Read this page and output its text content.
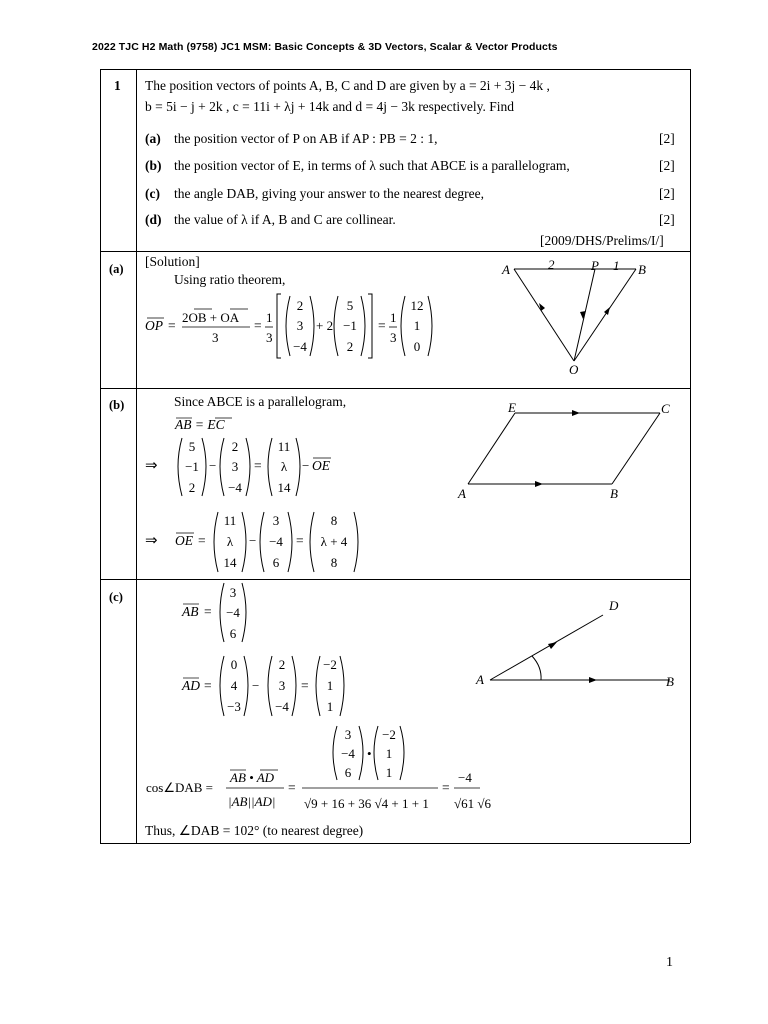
2022 TJC H2 Math (9758) JC1 MSM: Basic Concepts & 3D Vectors, Scalar & Vector Products
1 The position vectors of points A, B, C and D are given by a = 2i + 3j − 4k ,
b = 5i − j + 2k , c = 11i + λj + 14k and d = 4j − 3k respectively. Find
(a) the position vector of P on AB if AP : PB = 2 : 1,	[2]
(b) the position vector of E, in terms of λ such that ABCE is a parallelogram,	[2]
(c) the angle DAB, giving your answer to the nearest degree,	[2]
(d) the value of λ if A, B and C are collinear.	[2]
[2009/DHS/Prelims/I/]
(a) [Solution]
Using ratio theorem,
OP =
2OB + OA
3
=
1
3
2
3
−4
+ 2
5
−1
2
=
1
3
12
1
0
A	B
P
O
2	1
(b)	Since ABCE is a parallelogram,
AB = EC
⇒
5
−1
2
−
2
3
−4
=
11
λ
14
− OE
⇒ OE =
11
λ
14
−
3
−4
6
=
8
λ + 4
8
E	C
A	B
(c)
AB =
3
−4
6
AD =
0
4
−3
−
2
3
−4
=
−2
1
1
cos∠DAB =
AB • AD
|AB||AD|
=
3
−4
6
•
−2
1
1
√9 + 16 + 36 √4 + 1 + 1
=
−4
√61 √6
Thus, ∠DAB = 102° (to nearest degree)
A	B
D
1
